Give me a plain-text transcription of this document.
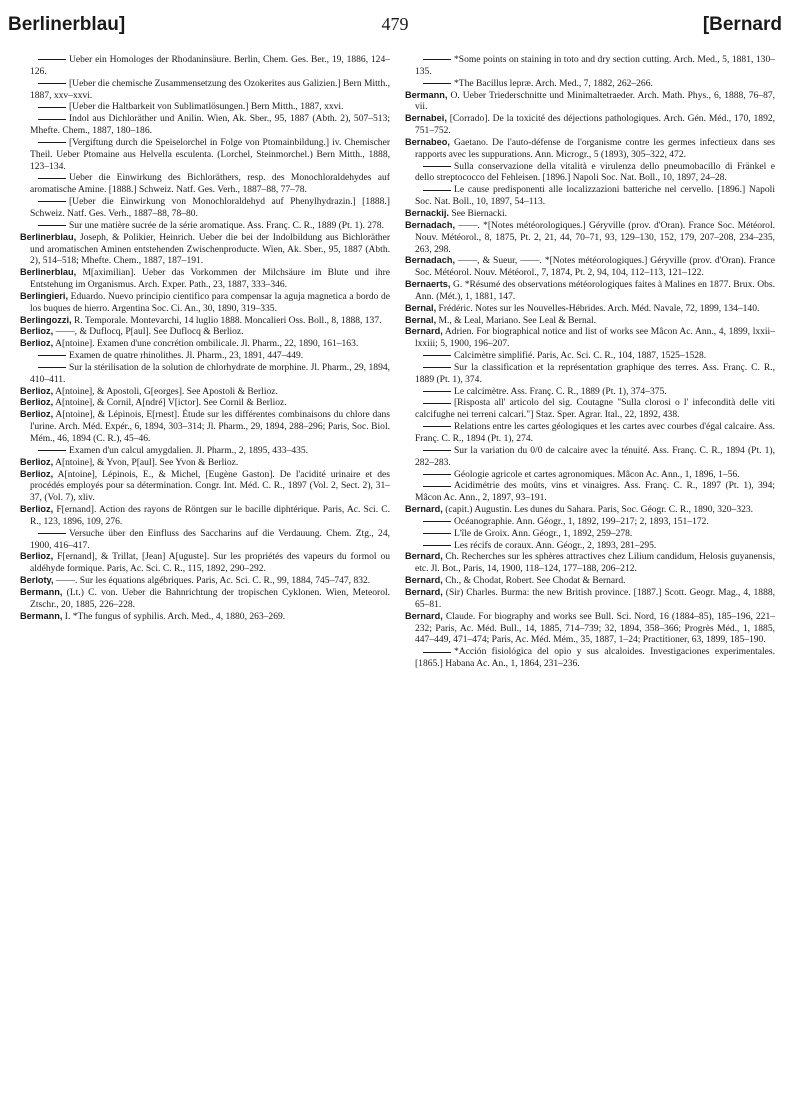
Berlinerblau]	479	[Bernard

Ueber ein Homologes der Rhodaninsäure. Berlin, Chem. Ges. Ber., 19, 1886, 124–126.

[Ueber die chemische Zusammensetzung des Ozokerites aus Galizien.] Bern Mitth., 1887, xxv–xxvi.

[Ueber die Haltbarkeit von Sublimatlösungen.] Bern Mitth., 1887, xxvi.

Indol aus Dichloräther und Anilin. Wien, Ak. Sber., 95, 1887 (Abth. 2), 507–513; Mhefte. Chem., 1887, 180–186.

[Vergiftung durch die Speiselorchel in Folge von Ptomainbildung.] iv. Chemischer Theil. Ueber Ptomaine aus Helvella esculenta. (Lorchel, Steinmorchel.) Bern Mitth., 1888, 123–134.

Ueber die Einwirkung des Bichloräthers, resp. des Monochloraldehydes auf aromatische Amine. [1888.] Schweiz. Natf. Ges. Verh., 1887–88, 77–78.

[Ueber die Einwirkung von Monochloraldehyd auf Phenylhydrazin.] [1888.] Schweiz. Natf. Ges. Verh., 1887–88, 78–80.

Sur une matière sucrée de la série aromatique. Ass. Franç. C. R., 1889 (Pt. 1). 278.

Berlinerblau, Joseph, & Polikier, Heinrich. Ueber die bei der Indolbildung aus Bichloräther und aromatischen Aminen entstehenden Zwischenproducte. Wien, Ak. Sber., 95, 1887 (Abth. 2), 514–518; Mhefte. Chem., 1887, 187–191.

Berlinerblau, M[aximilian]. Ueber das Vorkommen der Milchsäure im Blute und ihre Entstehung im Organismus. Arch. Exper. Path., 23, 1887, 333–346.

Berlingieri, Eduardo. Nuevo principio cientifico para compensar la aguja magnetica a bordo de los buques de hierro. Argentina Soc. Ci. An., 30, 1890, 319–335.

Berlingozzi, R. Temporale. Montevarchi, 14 luglio 1888. Moncalieri Oss. Boll., 8, 1888, 137.

Berlioz, ——, & Duflocq, P[aul]. See Duflocq & Berlioz.

Berlioz, A[ntoine]. Examen d'une concrétion ombilicale. Jl. Pharm., 22, 1890, 161–163.

Examen de quatre rhinolithes. Jl. Pharm., 23, 1891, 447–449.

Sur la stérilisation de la solution de chlorhydrate de morphine. Jl. Pharm., 29, 1894, 410–411.

Berlioz, A[ntoine], & Apostoli, G[eorges]. See Apostoli & Berlioz.

Berlioz, A[ntoine], & Cornil, A[ndré] V[ictor]. See Cornil & Berlioz.

Berlioz, A[ntoine], & Lépinois, E[rnest]. Étude sur les différentes combinaisons du chlore dans l'urine. Arch. Méd. Expér., 6, 1894, 303–314; Jl. Pharm., 29, 1894, 288–296; Paris, Soc. Biol. Mém., 46, 1894 (C. R.), 45–46.

Examen d'un calcul amygdalien. Jl. Pharm., 2, 1895, 433–435.

Berlioz, A[ntoine], & Yvon, P[aul]. See Yvon & Berlioz.

Berlioz, A[ntoine], Lépinois, E., & Michel, [Eugène Gaston]. De l'acidité urinaire et des procédés employés pour sa détermination. Congr. Int. Méd. C. R., 1897 (Vol. 2, Sect. 2), 31–37, (Vol. 7), xliv.

Berlioz, F[ernand]. Action des rayons de Röntgen sur le bacille diphtérique. Paris, Ac. Sci. C. R., 123, 1896, 109, 276.

Versuche über den Einfluss des Saccharins auf die Verdauung. Chem. Ztg., 24, 1900, 416–417.

Berlioz, F[ernand], & Trillat, [Jean] A[uguste]. Sur les propriétés des vapeurs du formol ou aldéhyde formique. Paris, Ac. Sci. C. R., 115, 1892, 290–292.

Berloty, ——. Sur les équations algébriques. Paris, Ac. Sci. C. R., 99, 1884, 745–747, 832.

Bermann, (Lt.) C. von. Ueber die Bahnrichtung der tropischen Cyklonen. Wien, Meteorol. Ztschr., 20, 1885, 226–228.

Bermann, I. *The fungus of syphilis. Arch. Med., 4, 1880, 263–269.

*Some points on staining in toto and dry section cutting. Arch. Med., 5, 1881, 130–135.

*The Bacillus lepræ. Arch. Med., 7, 1882, 262–266.

Bermann, O. Ueber Triederschnitte und Minimaltetraeder. Arch. Math. Phys., 6, 1888, 76–87, vii.

Bernabei, [Corrado]. De la toxicité des déjections pathologiques. Arch. Gén. Méd., 170, 1892, 751–752.

Bernabeo, Gaetano. De l'auto-défense de l'organisme contre les germes infectieux dans ses rapports avec les suppurations. Ann. Microgr., 5 (1893), 305–322, 472.

Sulla conservazione della vitalità e virulenza dello pneumobacillo di Fränkel e dello streptococco del Fehleisen. [1896.] Napoli Soc. Nat. Boll., 10, 1897, 24–28.

Le cause predisponenti alle localizzazioni batteriche nel cervello. [1896.] Napoli Soc. Nat. Boll., 10, 1897, 54–113.

Bernackij. See Biernacki.

Bernadach, ——. *[Notes météorologiques.] Géryville (prov. d'Oran). France Soc. Météorol. Nouv. Météorol., 8, 1875, Pt. 2, 21, 44, 70–71, 93, 129–130, 152, 179, 207–208, 234–235, 263, 298.

Bernadach, ——, & Sueur, ——. *[Notes météorologiques.] Géryville (prov. d'Oran). France Soc. Météorol. Nouv. Météorol., 7, 1874, Pt. 2, 94, 104, 112–113, 121–122.

Bernaerts, G. *Résumé des observations météorologiques faites à Malines en 1877. Brux. Obs. Ann. (Mét.), 1, 1881, 147.

Bernal, Frédéric. Notes sur les Nouvelles-Hébrides. Arch. Méd. Navale, 72, 1899, 134–140.

Bernal, M., & Leal, Mariano. See Leal & Bernal.

Bernard, Adrien. For biographical notice and list of works see Mâcon Ac. Ann., 4, 1899, lxxii–lxxiii; 5, 1900, 196–207.

Calcimètre simplifié. Paris, Ac. Sci. C. R., 104, 1887, 1525–1528.

Sur la classification et la représentation graphique des terres. Ass. Franç. C. R., 1889 (Pt. 1), 374.

Le calcimètre. Ass. Franç. C. R., 1889 (Pt. 1), 374–375.

[Risposta all' articolo del sig. Coutagne "Sulla clorosi o l' infecondità delle viti calcifughe nei terreni calcari."] Staz. Sper. Agrar. Ital., 22, 1892, 438.

Relations entre les cartes géologiques et les cartes avec courbes d'égal calcaire. Ass. Franç. C. R., 1894 (Pt. 1), 274.

Sur la variation du 0/0 de calcaire avec la ténuité. Ass. Franç. C. R., 1894 (Pt. 1), 282–283.

Géologie agricole et cartes agronomiques. Mâcon Ac. Ann., 1, 1896, 1–56.

Acidimétrie des moûts, vins et vinaigres. Ass. Franç. C. R., 1897 (Pt. 1), 394; Mâcon Ac. Ann., 2, 1897, 93–191.

Bernard, (capit.) Augustin. Les dunes du Sahara. Paris, Soc. Géogr. C. R., 1890, 320–323.

Océanographie. Ann. Géogr., 1, 1892, 199–217; 2, 1893, 151–172.

L'île de Groix. Ann. Géogr., 1, 1892, 259–278.

Les récifs de coraux. Ann. Géogr., 2, 1893, 281–295.

Bernard, Ch. Recherches sur les sphères attractives chez Lilium candidum, Helosis guyanensis, etc. Jl. Bot., Paris, 14, 1900, 118–124, 177–188, 206–212.

Bernard, Ch., & Chodat, Robert. See Chodat & Bernard.

Bernard, (Sir) Charles. Burma: the new British province. [1887.] Scott. Geogr. Mag., 4, 1888, 65–81.

Bernard, Claude. For biography and works see Bull. Sci. Nord, 16 (1884–85), 185–196, 221–232; Paris, Ac. Méd. Bull., 14, 1885, 714–739; 32, 1894, 358–366; Progrès Méd., 1, 1885, 447–449, 471–474; Paris, Ac. Méd. Mém., 35, 1887, 1–24; Practitioner, 63, 1899, 185–190.

*Acción fisiológica del opio y sus alcaloides. Investigaciones experimentales. [1865.] Habana Ac. An., 1, 1864, 231–236.
